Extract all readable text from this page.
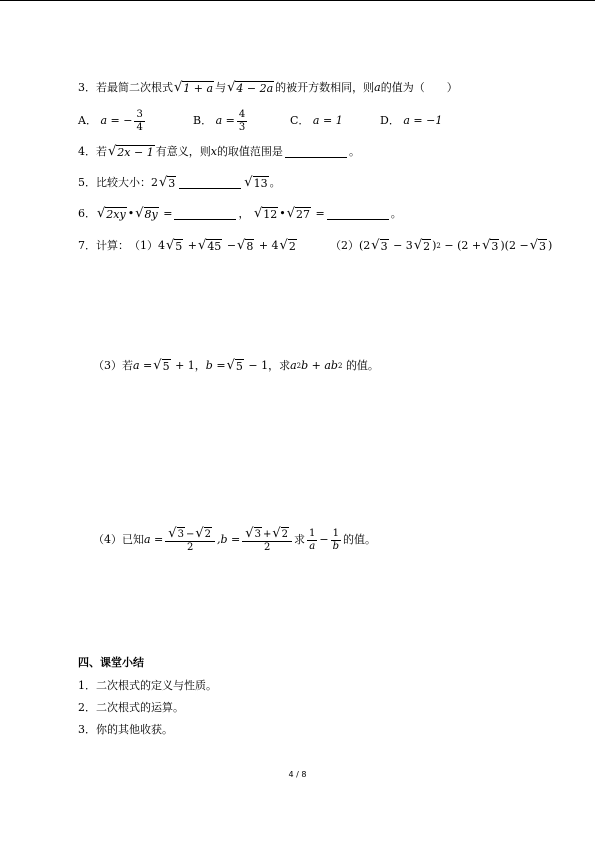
3． 若最简二次根式 √ 1 + a 与 √ 4 − 2a 的被开方数相同，则 a 的值为（　　）
A．
a = − $\frac{3}{4}$	B．
$a = \frac{4}{3}$	C．
a = 1	D．
a = −1
4． 若 √ 2x − 1 有意义，则 x 的取值范围是	。
5． 比较大小： 2 √ 3	√ 13 。
6． √ 2xy • √ 8y
=	，
√ 12 • √ 27
=	。
7． 计算： （1） 4 √ 5
+ √ 45
− √ 8
+ 4 √ 2	（2） (2 √ 3
− 3 √ 2 ) 2
− (2 + √ 3 )(2 − √ 3 )
（3）若 a = √ 5
+ 1， b = √ 5
− 1，求 a 2 b + ab 2
的值。
（4）已知 $a = \frac{√ 3 - √ 2}{2} ,b = \frac{√ 3 + √ 2}{2}$ 求 $\frac{1}{a} - \frac{1}{b}$ 的值。
四、课堂小结
1．二次根式的定义与性质。
2．二次根式的运算。
3．你的其他收获。
4 / 8
